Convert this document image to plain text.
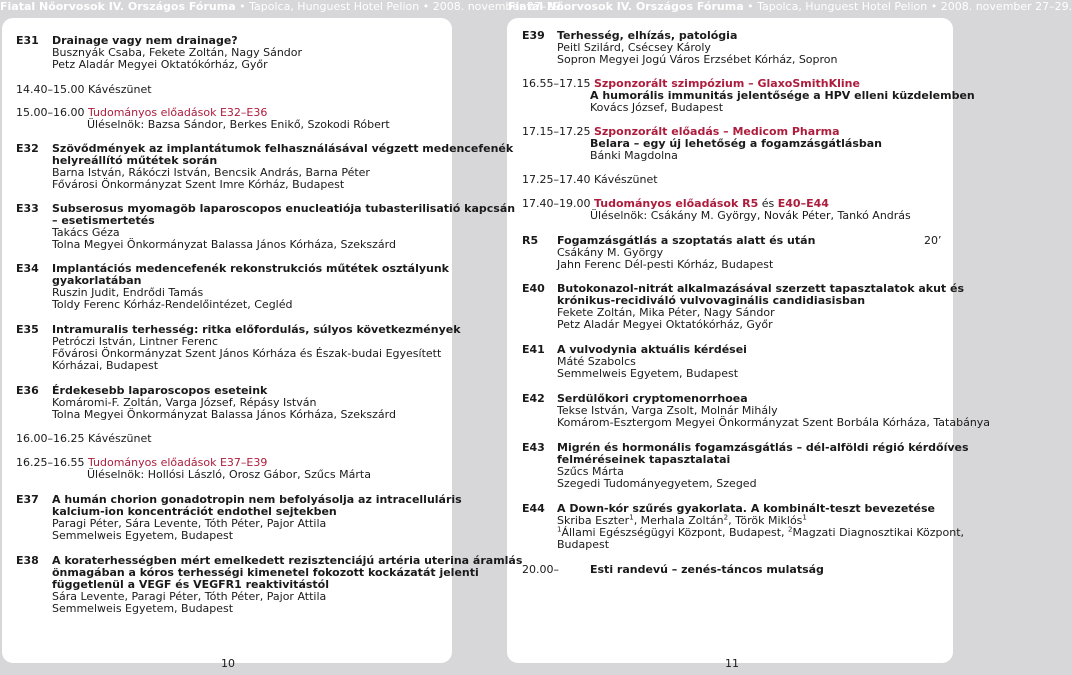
Fiatal Nőorvosok IV. Országos Fóruma • Tapolca, Hunguest Hotel Pelion • 2008. november 27–29.
Fiatal Nőorvosok IV. Országos Fóruma • Tapolca, Hunguest Hotel Pelion • 2008. november 27–29.
E31 Drainage vagy nem drainage?
Busznyák Csaba, Fekete Zoltán, Nagy Sándor
Petz Aladár Megyei Oktatókórház, Győr
14.40–15.00 Kávészünet
15.00–16.00 Tudományos előadások E32–E36
Üléselnök: Bazsa Sándor, Berkes Enikő, Szokodi Róbert
E32 Szövődmények az implantátumok felhasználásával végzett medencefenék
helyreállító műtétek során
Barna István, Rákóczi István, Bencsik András, Barna Péter
Fővárosi Önkormányzat Szent Imre Kórház, Budapest
E33 Subserosus myomagöb laparoscopos enucleatiója tubasterilisatió kapcsán
– esetismertetés
Takács Géza
Tolna Megyei Önkormányzat Balassa János Kórháza, Szekszárd
E34 Implantációs medencefenék rekonstrukciós műtétek osztályunk
gyakorlatában
Ruszin Judit, Endrődi Tamás
Toldy Ferenc Kórház-Rendelőintézet, Cegléd
E35 Intramuralis terhesség: ritka előfordulás, súlyos következmények
Petróczi István, Lintner Ferenc
Fővárosi Önkormányzat Szent János Kórháza és Észak-budai Egyesített
Kórházai, Budapest
E36 Érdekesebb laparoscopos eseteink
Komáromi-F. Zoltán, Varga József, Répásy István
Tolna Megyei Önkormányzat Balassa János Kórháza, Szekszárd
16.00–16.25 Kávészünet
16.25–16.55 Tudományos előadások E37–E39
Üléselnök: Hollósi László, Orosz Gábor, Szűcs Márta
E37 A humán chorion gonadotropin nem befolyásolja az intracelluláris
kalcium-ion koncentrációt endothel sejtekben
Paragi Péter, Sára Levente, Tóth Péter, Pajor Attila
Semmelweis Egyetem, Budapest
E38 A koraterhességben mért emelkedett rezisztenciájú artéria uterina áramlás
önmagában a kóros terhességi kimenetel fokozott kockázatát jelenti
függetlenül a VEGF és VEGFR1 reaktivitástól
Sára Levente, Paragi Péter, Tóth Péter, Pajor Attila
Semmelweis Egyetem, Budapest
10
E39 Terhesség, elhízás, patológia
Peitl Szilárd, Csécsey Károly
Sopron Megyei Jogú Város Erzsébet Kórház, Sopron
16.55–17.15 Szponzorált szimpózium – GlaxoSmithKline
A humorális immunitás jelentősége a HPV elleni küzdelemben
Kovács József, Budapest
17.15–17.25 Szponzorált előadás – Medicom Pharma
Belara – egy új lehetőség a fogamzásgátlásban
Bánki Magdolna
17.25–17.40 Kávészünet
17.40–19.00 Tudományos előadások R5 és E40–E44
Üléselnök: Csákány M. György, Novák Péter, Tankó András
R5 Fogamzásgátlás a szoptatás alatt és után	20’
Csákány M. György
Jahn Ferenc Dél-pesti Kórház, Budapest
E40 Butokonazol-nitrát alkalmazásával szerzett tapasztalatok akut és
krónikus-recidiváló vulvovaginális candidiasisban
Fekete Zoltán, Mika Péter, Nagy Sándor
Petz Aladár Megyei Oktatókórház, Győr
E41 A vulvodynia aktuális kérdései
Máté Szabolcs
Semmelweis Egyetem, Budapest
E42 Serdülőkori cryptomenorrhoea
Tekse István, Varga Zsolt, Molnár Mihály
Komárom-Esztergom Megyei Önkormányzat Szent Borbála Kórháza, Tatabánya
E43 Migrén és hormonális fogamzásgátlás – dél-alföldi régió kérdőíves
felméréseinek tapasztalatai
Szűcs Márta
Szegedi Tudományegyetem, Szeged
E44 A Down-kór szűrés gyakorlata. A kombinált-teszt bevezetése
Skriba Eszter$^1$, Merhala Zoltán$^2$, Török Miklós$^1$
$^1$Állami Egészségügyi Központ, Budapest, $^2$Magzati Diagnosztikai Központ,
Budapest
20.00–	Esti randevú – zenés-táncos mulatság
11
